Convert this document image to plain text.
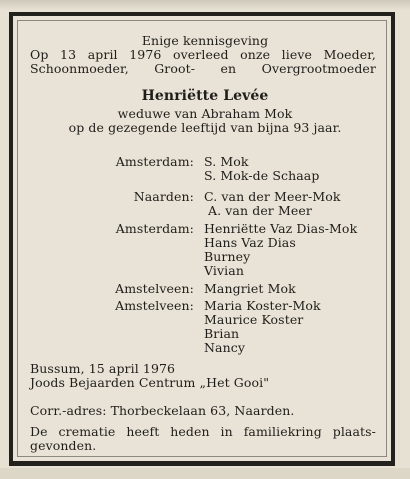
Enige kennisgeving
Op 13 april 1976 overleed onze lieve Moeder,
Schoonmoeder, Groot- en Overgrootmoeder
Henriëtte Levée
weduwe van Abraham Mok
op de gezegende leeftijd van bijna 93 jaar.
Amsterdam: S. Mok
S. Mok-de Schaap
Naarden: C. van der Meer-Mok
A. van der Meer
Amsterdam: Henriëtte Vaz Dias-Mok
Hans Vaz Dias
Burney
Vivian
Amstelveen: Mangriet Mok
Amstelveen: Maria Koster-Mok
Maurice Koster
Brian
Nancy
Bussum, 15 april 1976
Joods Bejaarden Centrum „Het Gooi"
Corr.-adres: Thorbeckelaan 63, Naarden.
De crematie heeft heden in familiekring plaats-
gevonden.
